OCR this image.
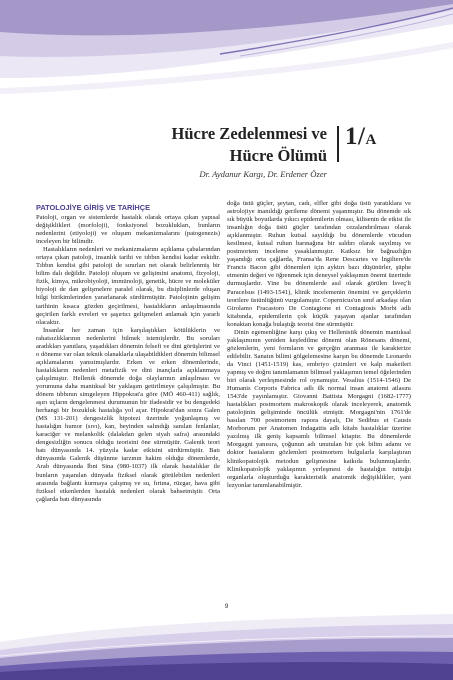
Hücre Zedelenmesi ve
Hücre Ölümü
Dr. Aydanur Kargı, Dr. Erdener Özer
1/A
PATOLOJİYE GİRİŞ VE TARİHÇE

Patoloji, organ ve sistemlerde hastalık olarak ortaya çıkan yapısal değişiklikleri (morfoloji), fonksiyonel bozuklukları, bunların nedenlerini (etiyoloji) ve oluşum mekanizmalarını (patogenezis) inceleyen bir bilimdir.

Hastalıkların nedenleri ve mekanizmalarını açıklama çabalarından ortaya çıkan patoloji, insanlık tarihi ve tıbbın kendisi kadar eskidir. Tıbbın kendisi gibi patoloji de sınırları net olarak belirlenmiş bir bilim dalı değildir. Patoloji oluşum ve gelişimini anatomi, fizyoloji, fizik, kimya, mikrobiyoloji, immünoloji, genetik, hücre ve moleküler biyoloji de dan gelişmelere paralel olarak, bu disiplinlerde oluşan bilgi birikimlerinden yararlanarak sürdürmüştür. Patolojinin gelişim tarihinin kısaca gözden geçirilmesi, hastalıkların anlaşılmasında geçirilen farklı evreleri ve şaşırtıcı gelişmeleri anlamak için yararlı olacaktır.

İnsanlar her zaman için karşılaştıkları kötülüklerin ve rahatsızlıklarının nedenlerini bilmek istemişlerdir. Bu soruları aradıkları yanıtlara, yaşadıkları dönemin felsefi ve dini görüşlerini ve o döneme var olan teknik olanaklarla ulaşabildikleri dönemin bilimsel açıklamalarını yansıtmışlardır. Erken ve erken dönemlerinde, hastalıkların nedenleri metafizik ve dini inançlarla açıklanmaya çalışılmıştır. Hellenik dönemde doğa olaylarının anlaşılması ve yorumuna daha mantıksal bir yaklaşım getirilmeye çalışılmıştır. Bu dönem tıbbının simgeleyen Hippokrat'a göre (MÖ 460-411) sağlık, aşırı uçların dengelenmesi durumunun bir ifadesidir ve bu dengedeki herhangi bir bozukluk hastalığa yol açar. Hipokrat'dan sonra Galen (MS 131-201) dengesizlik hipotezi üzerinde yoğunlaşmış ve hastalığın humor (sıvı), kan, beyinden salındığı sanılan fenlanlar, karaciğer ve melankolik (dalakdan gelen siyah safra) arasındaki dengesizliğin sonucu olduğu teorisini öne sürmüştür. Galenik teori batı dünyasında 14. yüzyıla kadar etkisini sürdürmüştür. Batı dünyasında Galenik düşünme tarzının hakim olduğu dönemlerde, Arab dünyasında İbni Sina (980-1037) ilk olarak hastalıklar ile bunların yaşanılan dünyada fiziksel olarak görülebilen nedenleri arasında bağlantı kurmaya çalışmış ve su, fırtına, rüzgar, hava gibi fiziksel etkenlerden hastalık nedenleri olarak bahsetmiştir. Orta çağlarda batı dünyasında

doğa üstü güçler, şeytan, cadı, elfler gibi doğa üstü yaratıklara ve astrolojiye inanıldığı gerileme dönemi yaşanmıştır. Bu dönemde sık sık büyük boyutlarda yıkıcı epidemilerin olması, kilisenin de etkisi ile insanlığın doğa üstü güçler tarafından cezalandırılması olarak açıklanmıştır. Ruhun kutsal sayıldığı bu dönemlerde vücudun kesilmesi, kutsal ruhun barınağına bir saldırı olarak sayılmış ve postmortem inceleme yasaklanmıştır. Katksız bir bağnazlığın yaşandığı orta çağlarda, Fransa'da Rene Descartes ve İngiltere'de Francis Bacon gibi dönemleri için ayktırı bazı düşünürler, şüphe etmenin değeri ve öğrenmek için deneysel yaklaşımın önemi üzerinde durmuşlardır. Yine bu dönemlerde asıl olarak görülen İsveç'li Paracelsus (1493-1541), klinik incelemenin önemini ve gerçeklerin teorilere üstünlüğünü vurgulamıştır. Copernicus'un sınıf arkadaşı olan Girolamo Fracastoro De Contagione et Contagiosis Morbi adlı kitabında, epidemilerin çok küçük yaşayan ajanlar tarafından konaktan konağa bulaştığı teorisi öne sürmüştür.

Dinin egemenliğine karşı çıkış ve Hellenistik dönemin mantıksal yaklaşımının yeniden keşfedilme dönemi olan Rönesans dönemi, gözlemlerin, yeni formların ve gerçeğin aranması ile karakterize edilebilir. Sanatın bilimi gölgelemesine karşın bu dönemde Leonardo da Vinci (1451-1519) kas, embriyo çizimleri ve kalp maketleri yapmış ve doğru tanımlamanın bilimsel yaklaşımın temel öğelerinden biri olarak yerleşmesinde rol oynamıştır. Vesalius (1514-1546) De Humanis Corporis Fabrica adlı ilk normal insan anatomi atlasını 1543'de yayınlamıştır. Giovanni Battista Morgagni (1682-1777) hastalıkları postmortem makroskopik olarak inceleyerek, anatomik patolojinin gelişiminde öncülük etmiştir. Morgagni'nin 1761'de basılan 700 postmortem rapora dayalı, De Sedibus et Causis Morborum per Anatomen Indagattis adlı kitabı hastalıklar üzerine yazılmış ilk geniş kapsamlı bilimsel kitaptır. Bu dönemlerde Morgagni yanısıra, çoğunun adı unutulan bir çok bilim adamı ve doktor hastaların gözlemleri postmortem bulgularla karşılaştıran klinikopatolojik metodun gelişmesine katkıda bulunmuşlardır. Klinikopatolojik yaklaşımın yerleşmesi de hastalığın tuttuğu organlarla oluşturduğu karakteristik anatomik değişiklikler, yani lezyonlar tanımlanabilmiştir.

9
